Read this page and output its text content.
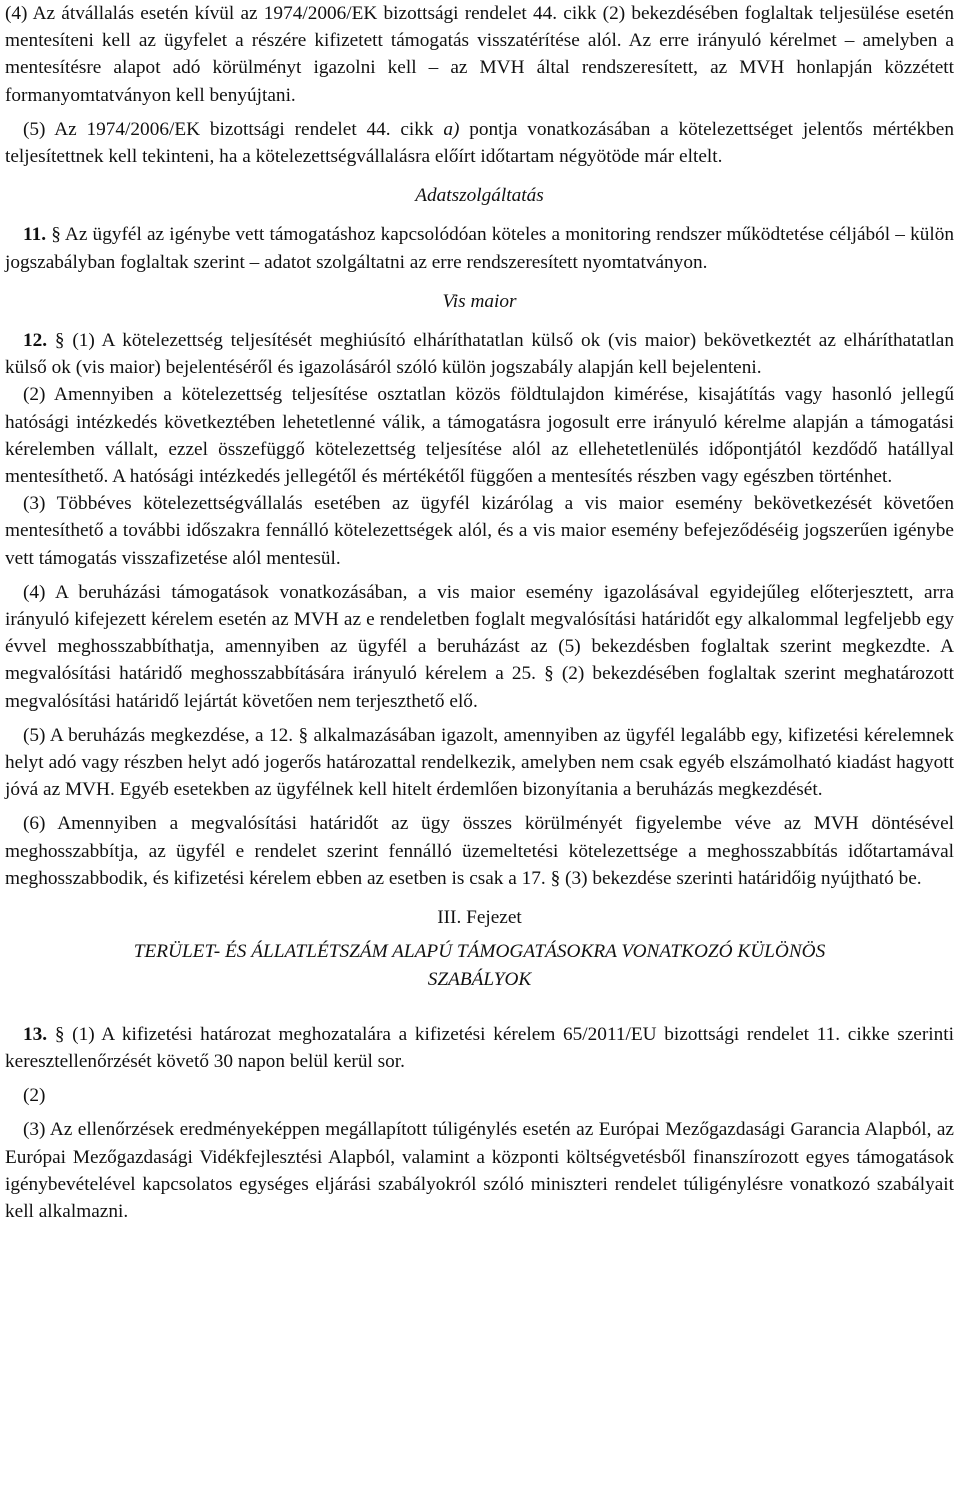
(4) Az átvállalás esetén kívül az 1974/2006/EK bizottsági rendelet 44. cikk (2) bekezdésében foglaltak teljesülése esetén mentesíteni kell az ügyfelet a részére kifizetett támogatás visszatérítése alól. Az erre irányuló kérelmet – amelyben a mentesítésre alapot adó körülményt igazolni kell – az MVH által rendszeresített, az MVH honlapján közzétett formanyomtatványon kell benyújtani.

(5) Az 1974/2006/EK bizottsági rendelet 44. cikk a) pontja vonatkozásában a kötelezettséget jelentős mértékben teljesítettnek kell tekinteni, ha a kötelezettségvállalásra előírt időtartam négyötöde már eltelt.

Adatszolgáltatás

11. § Az ügyfél az igénybe vett támogatáshoz kapcsolódóan köteles a monitoring rendszer működtetése céljából – külön jogszabályban foglaltak szerint – adatot szolgáltatni az erre rendszeresített nyomtatványon.

Vis maior

12. § (1) A kötelezettség teljesítését meghiúsító elháríthatatlan külső ok (vis maior) bekövetkeztét az elháríthatatlan külső ok (vis maior) bejelentéséről és igazolásáról szóló külön jogszabály alapján kell bejelenteni.

(2) Amennyiben a kötelezettség teljesítése osztatlan közös földtulajdon kimérése, kisajátítás vagy hasonló jellegű hatósági intézkedés következtében lehetetlenné válik, a támogatásra jogosult erre irányuló kérelme alapján a támogatási kérelemben vállalt, ezzel összefüggő kötelezettség teljesítése alól az ellehetetlenülés időpontjától kezdődő hatállyal mentesíthető. A hatósági intézkedés jellegétől és mértékétől függően a mentesítés részben vagy egészben történhet.

(3) Többéves kötelezettségvállalás esetében az ügyfél kizárólag a vis maior esemény bekövetkezését követően mentesíthető a további időszakra fennálló kötelezettségek alól, és a vis maior esemény befejeződéséig jogszerűen igénybe vett támogatás visszafizetése alól mentesül.

(4) A beruházási támogatások vonatkozásában, a vis maior esemény igazolásával egyidejűleg előterjesztett, arra irányuló kifejezett kérelem esetén az MVH az e rendeletben foglalt megvalósítási határidőt egy alkalommal legfeljebb egy évvel meghosszabbíthatja, amennyiben az ügyfél a beruházást az (5) bekezdésben foglaltak szerint megkezdte. A megvalósítási határidő meghosszabbítására irányuló kérelem a 25. § (2) bekezdésében foglaltak szerint meghatározott megvalósítási határidő lejártát követően nem terjeszthető elő.

(5) A beruházás megkezdése, a 12. § alkalmazásában igazolt, amennyiben az ügyfél legalább egy, kifizetési kérelemnek helyt adó vagy részben helyt adó jogerős határozattal rendelkezik, amelyben nem csak egyéb elszámolható kiadást hagyott jóvá az MVH. Egyéb esetekben az ügyfélnek kell hitelt érdemlően bizonyítania a beruházás megkezdését.

(6) Amennyiben a megvalósítási határidőt az ügy összes körülményét figyelembe véve az MVH döntésével meghosszabbítja, az ügyfél e rendelet szerint fennálló üzemeltetési kötelezettsége a meghosszabbítás időtartamával meghosszabbodik, és kifizetési kérelem ebben az esetben is csak a 17. § (3) bekezdése szerinti határidőig nyújtható be.

III. Fejezet

TERÜLET- ÉS ÁLLATLÉTSZÁM ALAPÚ TÁMOGATÁSOKRA VONATKOZÓ KÜLÖNÖS

SZABÁLYOK

13. § (1) A kifizetési határozat meghozatalára a kifizetési kérelem 65/2011/EU bizottsági rendelet 11. cikke szerinti keresztellenőrzését követő 30 napon belül kerül sor.

(2)

(3) Az ellenőrzések eredményeképpen megállapított túligénylés esetén az Európai Mezőgazdasági Garancia Alapból, az Európai Mezőgazdasági Vidékfejlesztési Alapból, valamint a központi költségvetésből finanszírozott egyes támogatások igénybevételével kapcsolatos egységes eljárási szabályokról szóló miniszteri rendelet túligénylésre vonatkozó szabályait kell alkalmazni.
